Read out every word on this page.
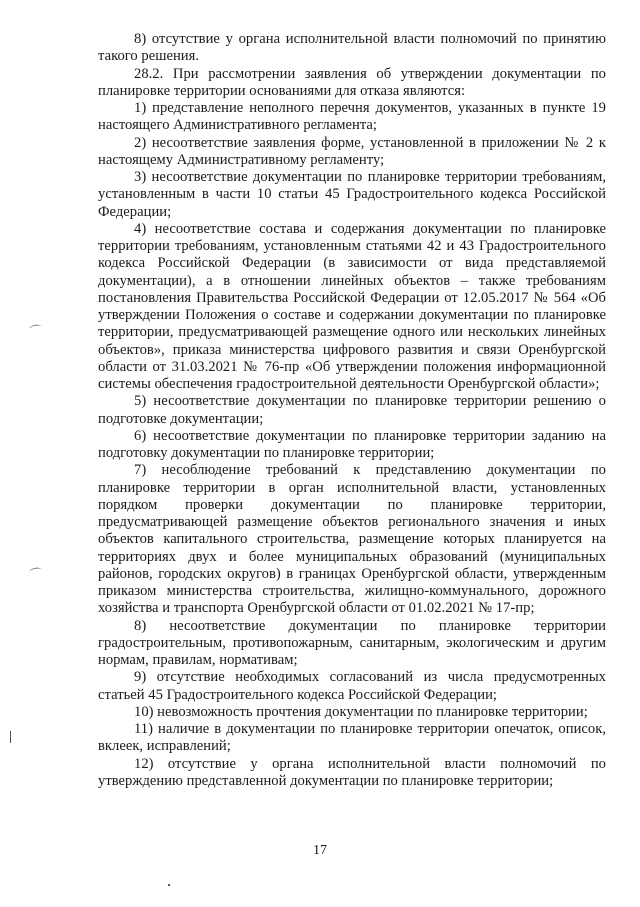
8) отсутствие у органа исполнительной власти полномочий по принятию такого решения.

28.2. При рассмотрении заявления об утверждении документации по планировке территории основаниями для отказа являются:

1) представление неполного перечня документов, указанных в пункте 19 настоящего Административного регламента;

2) несоответствие заявления форме, установленной в приложении № 2 к настоящему Административному регламенту;

3) несоответствие документации по планировке территории требованиям, установленным в части 10 статьи 45 Градостроительного кодекса Российской Федерации;

4) несоответствие состава и содержания документации по планировке территории требованиям, установленным статьями 42 и 43 Градостроительного кодекса Российской Федерации (в зависимости от вида представляемой документации), а в отношении линейных объектов – также требованиям постановления Правительства Российской Федерации от 12.05.2017 № 564 «Об утверждении Положения о составе и содержании документации по планировке территории, предусматривающей размещение одного или нескольких линейных объектов», приказа министерства цифрового развития и связи Оренбургской области от 31.03.2021 № 76-пр «Об утверждении положения информационной системы обеспечения градостроительной деятельности Оренбургской области»;

5) несоответствие документации по планировке территории решению о подготовке документации;

6) несоответствие документации по планировке территории заданию на подготовку документации по планировке территории;

7) несоблюдение требований к представлению документации по планировке территории в орган исполнительной власти, установленных порядком проверки документации по планировке территории, предусматривающей размещение объектов регионального значения и иных объектов капитального строительства, размещение которых планируется на территориях двух и более муниципальных образований (муниципальных районов, городских округов) в границах Оренбургской области, утвержденным приказом министерства строительства, жилищно-коммунального, дорожного хозяйства и транспорта Оренбургской области от 01.02.2021 № 17-пр;

8) несоответствие документации по планировке территории градостроительным, противопожарным, санитарным, экологическим и другим нормам, правилам, нормативам;

9) отсутствие необходимых согласований из числа предусмотренных статьей 45 Градостроительного кодекса Российской Федерации;

10) невозможность прочтения документации по планировке территории;

11) наличие в документации по планировке территории опечаток, описок, вклеек, исправлений;

12) отсутствие у органа исполнительной власти полномочий по утверждению представленной документации по планировке территории;

17
⌒
⌒
